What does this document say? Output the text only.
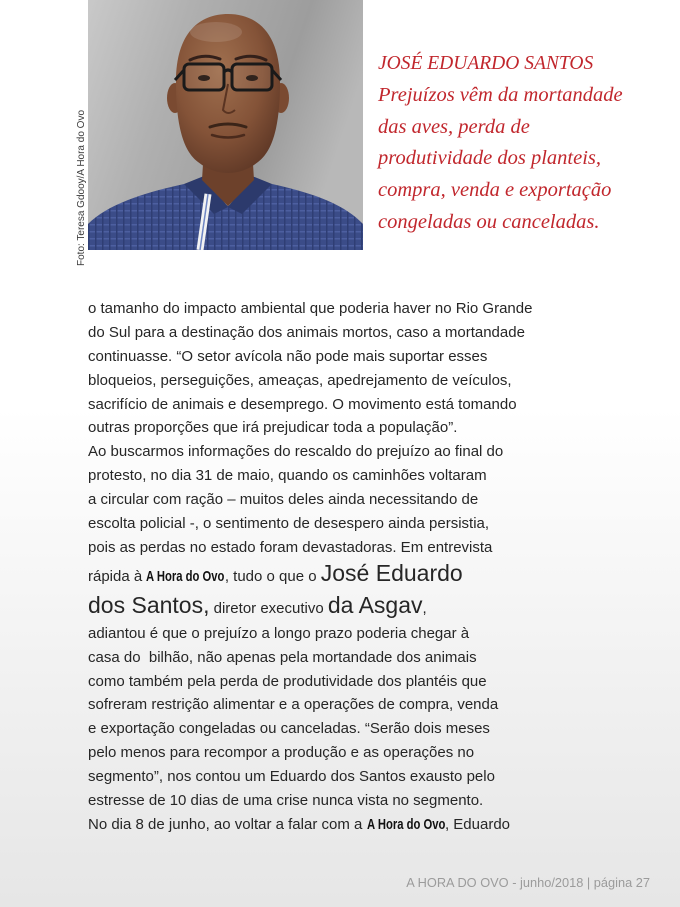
Foto: Teresa Gdooy/A Hora do Ovo
JOSÉ EDUARDO SANTOS
Prejuízos vêm da mortandade
das aves, perda de
produtividade dos planteis,
compra, venda e exportação
congeladas ou canceladas.
o tamanho do impacto ambiental que poderia haver no Rio Grande
do Sul para a destinação dos animais mortos, caso a mortandade
continuasse. “O setor avícola não pode mais suportar esses
bloqueios, perseguições, ameaças, apedrejamento de veículos,
sacrifício de animais e desemprego. O movimento está tomando
outras proporções que irá prejudicar toda a população”.
Ao buscarmos informações do rescaldo do prejuízo ao final do
protesto, no dia 31 de maio, quando os caminhões voltaram
a circular com ração – muitos deles ainda necessitando de
escolta policial -, o sentimento de desespero ainda persistia,
pois as perdas no estado foram devastadoras. Em entrevista
rápida à A Hora do Ovo, tudo o que o José Eduardo
dos Santos, diretor executivo da Asgav,
adiantou é que o prejuízo a longo prazo poderia chegar à
casa do  bilhão, não apenas pela mortandade dos animais
como também pela perda de produtividade dos plantéis que
sofreram restrição alimentar e a operações de compra, venda
e exportação congeladas ou canceladas. “Serão dois meses
pelo menos para recompor a produção e as operações no
segmento”, nos contou um Eduardo dos Santos exausto pelo
estresse de 10 dias de uma crise nunca vista no segmento.
No dia 8 de junho, ao voltar a falar com a A Hora do Ovo, Eduardo
A HORA DO OVO - junho/2018 | página 27
